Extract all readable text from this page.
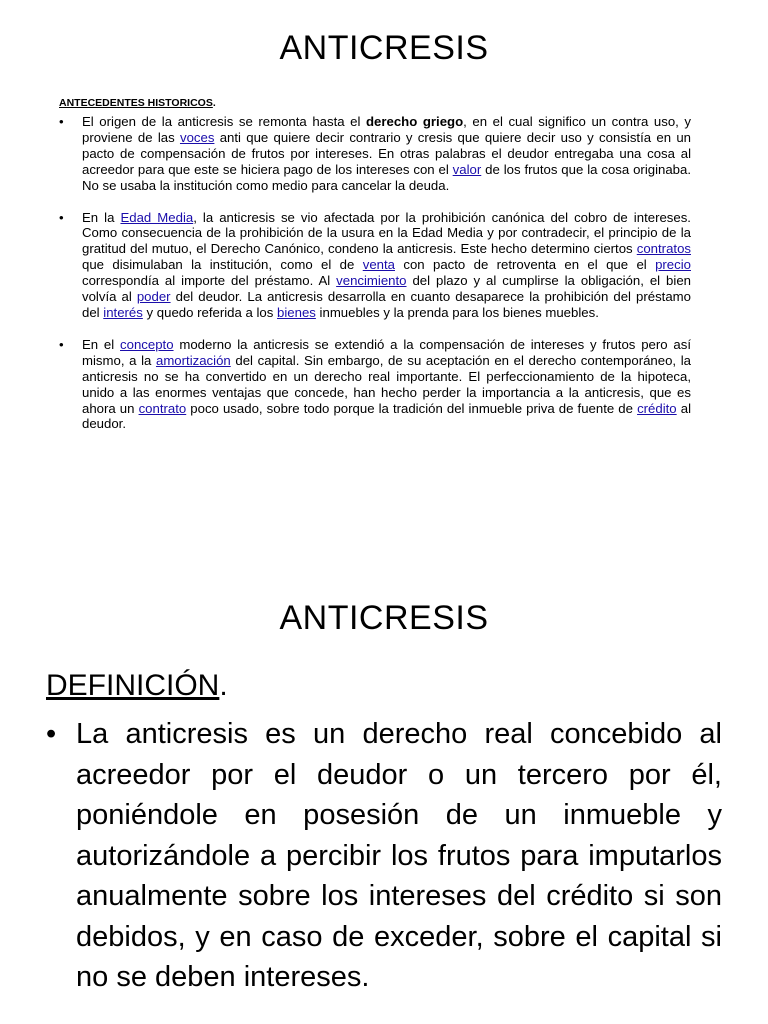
ANTICRESIS
ANTECEDENTES HISTORICOS.
• El origen de la anticresis se remonta hasta el derecho griego, en el cual significo un contra uso, y proviene de las voces anti que quiere decir contrario y cresis que quiere decir uso y consistía en un pacto de compensación de frutos por intereses. En otras palabras el deudor entregaba una cosa al acreedor para que este se hiciera pago de los intereses con el valor de los frutos que la cosa originaba. No se usaba la institución como medio para cancelar la deuda.
• En la Edad Media, la anticresis se vio afectada por la prohibición canónica del cobro de intereses. Como consecuencia de la prohibición de la usura en la Edad Media y por contradecir, el principio de la gratitud del mutuo, el Derecho Canónico, condeno la anticresis. Este hecho determino ciertos contratos que disimulaban la institución, como el de venta con pacto de retroventa en el que el precio correspondía al importe del préstamo. Al vencimiento del plazo y al cumplirse la obligación, el bien volvía al poder del deudor. La anticresis desarrolla en cuanto desaparece la prohibición del préstamo del interés y quedo referida a los bienes inmuebles y la prenda para los bienes muebles.
• En el concepto moderno la anticresis se extendió a la compensación de intereses y frutos pero así mismo, a la amortización del capital. Sin embargo, de su aceptación en el derecho contemporáneo, la anticresis no se ha convertido en un derecho real importante. El perfeccionamiento de la hipoteca, unido a las enormes ventajas que concede, han hecho perder la importancia a la anticresis, que es ahora un contrato poco usado, sobre todo porque la tradición del inmueble priva de fuente de crédito al deudor.
ANTICRESIS
DEFINICIÓN.
• La anticresis es un derecho real concebido al acreedor por el deudor o un tercero por él, poniéndole en posesión de un inmueble y autorizándole a percibir los frutos para imputarlos anualmente sobre los intereses del crédito si son debidos, y en caso de exceder, sobre el capital si no se deben intereses.
